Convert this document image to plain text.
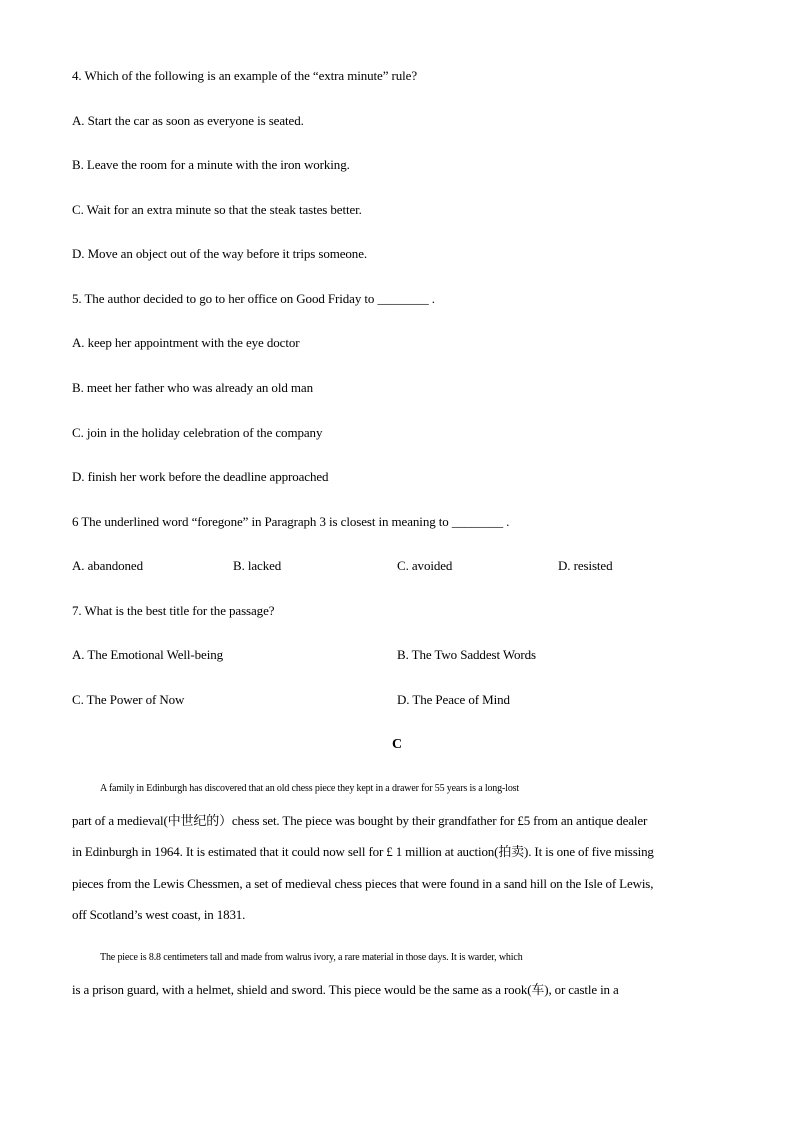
4. Which of the following is an example of the “extra minute” rule?
A. Start the car as soon as everyone is seated.
B. Leave the room for a minute with the iron working.
C. Wait for an extra minute so that the steak tastes better.
D. Move an object out of the way before it trips someone.
5. The author decided to go to her office on Good Friday to ________ .
A. keep her appointment with the eye doctor
B. meet her father who was already an old man
C. join in the holiday celebration of the company
D. finish her work before the deadline approached
6 The underlined word “foregone” in Paragraph 3 is closest in meaning to ________ .
A. abandoned	B. lacked	C. avoided	D. resisted
7. What is the best title for the passage?
A. The Emotional Well-being	B. The Two Saddest Words
C. The Power of Now	D. The Peace of Mind
C
A family in Edinburgh has discovered that an old chess piece they kept in a drawer for 55 years is a long-lost
part of a medieval(中世纪的）chess set. The piece was bought by their grandfather for £5 from an antique dealer
in Edinburgh in 1964. It is estimated that it could now sell for £ 1 million at auction(拍卖). It is one of five missing
pieces from the Lewis Chessmen, a set of medieval chess pieces that were found in a sand hill on the Isle of Lewis,
off Scotland’s west coast, in 1831.
The piece is 8.8 centimeters tall and made from walrus ivory, a rare material in those days. It is warder, which
is a prison guard, with a helmet, shield and sword. This piece would be the same as a rook(车), or castle in a
